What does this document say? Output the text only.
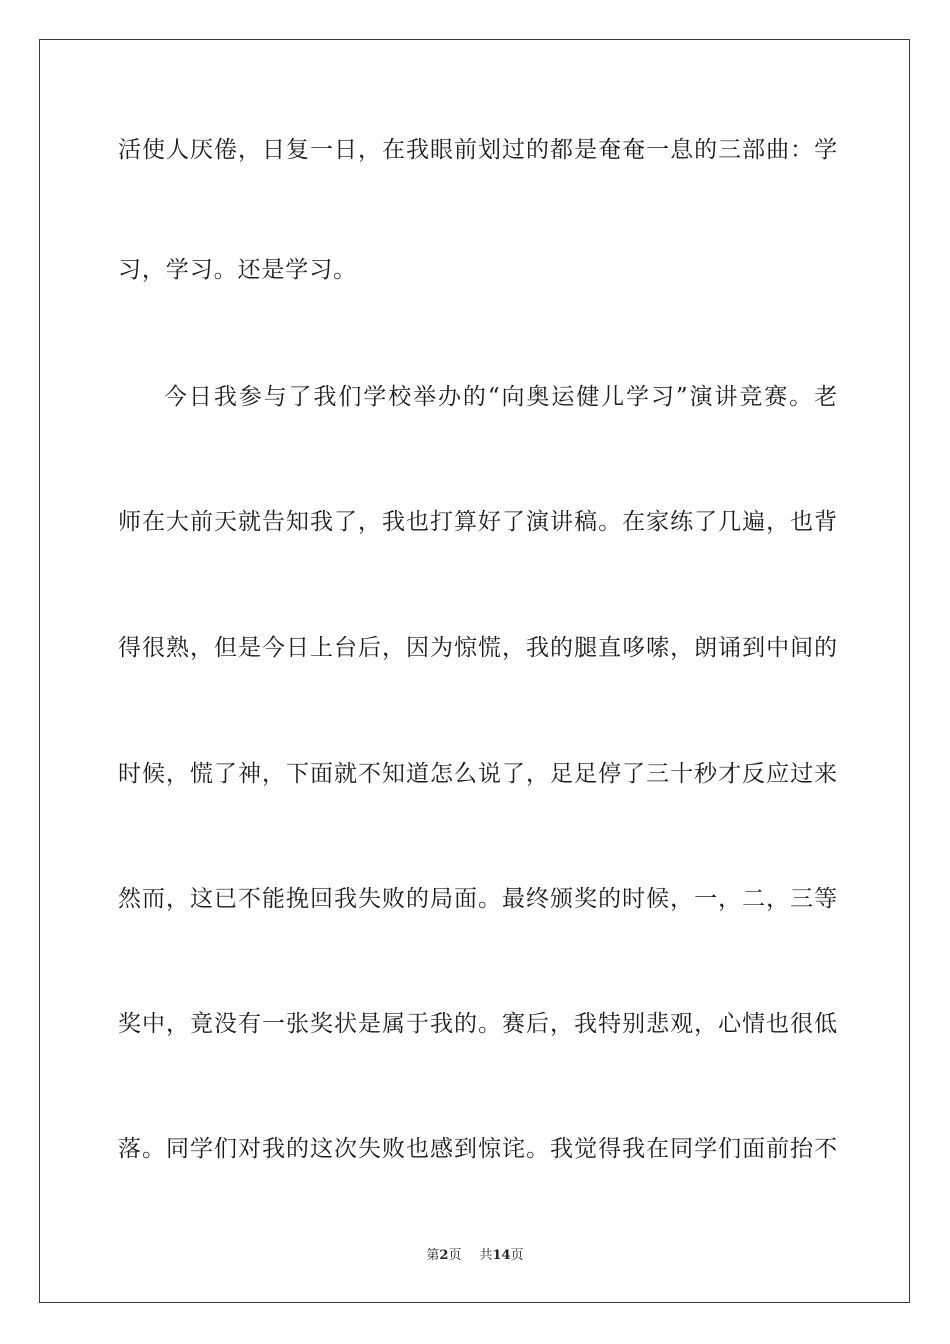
活使人厌倦，日复一日，在我眼前划过的都是奄奄一息的三部曲：学
习，学习。还是学习。
今日我参与了我们学校举办的“向奥运健儿学习”演讲竞赛。老
师在大前天就告知我了，我也打算好了演讲稿。在家练了几遍，也背
得很熟，但是今日上台后，因为惊慌，我的腿直哆嗦，朗诵到中间的
时候，慌了神，下面就不知道怎么说了，足足停了三十秒才反应过来
然而，这已不能挽回我失败的局面。最终颁奖的时候，一，二，三等
奖中，竟没有一张奖状是属于我的。赛后，我特别悲观，心情也很低
落。同学们对我的这次失败也感到惊诧。我觉得我在同学们面前抬不
第2页 共14页
